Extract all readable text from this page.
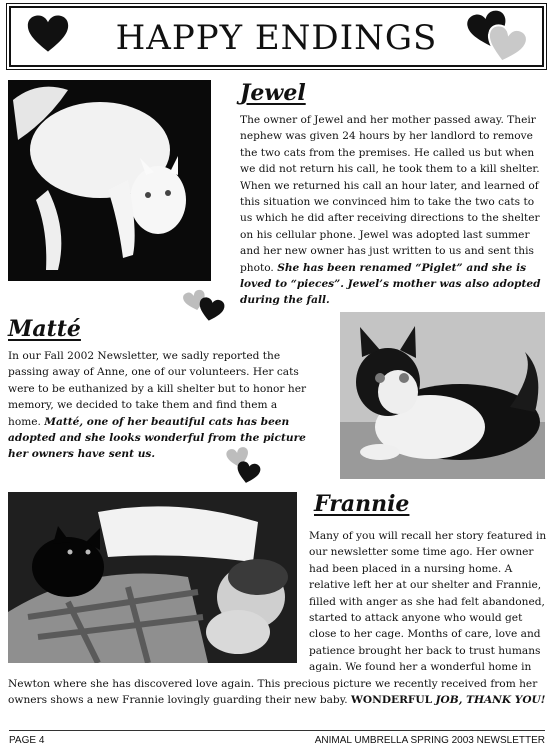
HAPPY ENDINGS
Jewel
The owner of Jewel and her mother passed away. Their nephew was given 24 hours by her landlord to remove the two cats from the premises. He called us but when we did not return his call, he took them to a kill shelter. When we returned his call an hour later, and learned of this situation we convinced him to take the two cats to us which he did after receiving directions to the shelter on his cellular phone. Jewel was adopted last summer and her new owner has just written to us and sent this photo. She has been renamed “Piglet” and she is loved to “pieces”. Jewel’s mother was also adopted during the fall.
Matté
In our Fall 2002 Newsletter, we sadly reported the passing away of Anne, one of our volunteers. Her cats were to be euthanized by a kill shelter but to honor her memory, we decided to take them and find them a home. Matté, one of her beautiful cats has been adopted and she looks wonderful from the picture her owners have sent us.
Frannie
Many of you will recall her story featured in our newsletter some time ago. Her owner had been placed in a nursing home. A relative left her at our shelter and Frannie, filled with anger as she had felt abandoned, started to attack anyone who would get close to her cage. Months of care, love and patience brought her back to trust humans again. We found her a wonderful home in Newton where she has discovered love again. This precious picture we recently received from her owners shows a new Frannie lovingly guarding their new baby. WONDERFUL JOB, THANK YOU!
PAGE 4	ANIMAL UMBRELLA SPRING 2003 NEWSLETTER
